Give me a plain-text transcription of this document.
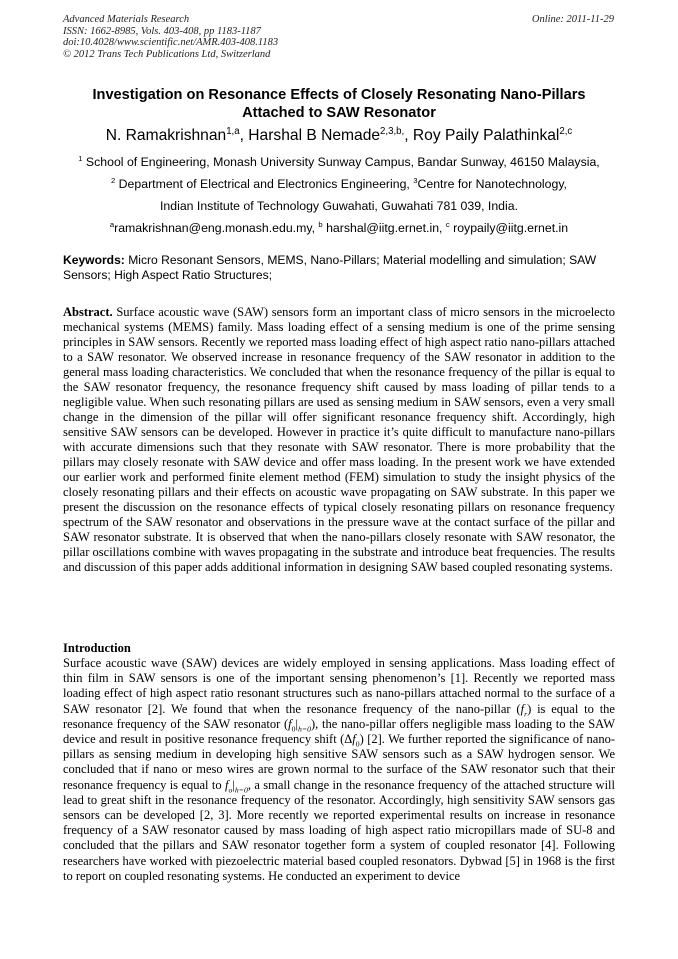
Advanced Materials Research
ISSN: 1662-8985, Vols. 403-408, pp 1183-1187
doi:10.4028/www.scientific.net/AMR.403-408.1183
© 2012 Trans Tech Publications Ltd, Switzerland
Online: 2011-11-29
Investigation on Resonance Effects of Closely Resonating Nano-Pillars
Attached to SAW Resonator
N. Ramakrishnan$^{1,a}$, Harshal B Nemade$^{2,3,b,}$, Roy Paily Palathinkal$^{2,c}$
$^1$ School of Engineering, Monash University Sunway Campus, Bandar Sunway, 46150 Malaysia,
$^2$ Department of Electrical and Electronics Engineering, $^3$Centre for Nanotechnology,
Indian Institute of Technology Guwahati, Guwahati 781 039, India.
$^a$ramakrishnan@eng.monash.edu.my, $^b$ harshal@iitg.ernet.in, $^c$ roypaily@iitg.ernet.in
Keywords: Micro Resonant Sensors, MEMS, Nano-Pillars; Material modelling and simulation; SAW Sensors; High Aspect Ratio Structures;

Abstract. Surface acoustic wave (SAW) sensors form an important class of micro sensors in the microelecto mechanical systems (MEMS) family. Mass loading effect of a sensing medium is one of the prime sensing principles in SAW sensors. Recently we reported mass loading effect of high aspect ratio nano-pillars attached to a SAW resonator. We observed increase in resonance frequency of the SAW resonator in addition to the general mass loading characteristics. We concluded that when the resonance frequency of the pillar is equal to the SAW resonator frequency, the resonance frequency shift caused by mass loading of pillar tends to a negligible value. When such resonating pillars are used as sensing medium in SAW sensors, even a very small change in the dimension of the pillar will offer significant resonance frequency shift. Accordingly, high sensitive SAW sensors can be developed. However in practice it’s quite difficult to manufacture nano-pillars with accurate dimensions such that they resonate with SAW resonator. There is more probability that the pillars may closely resonate with SAW device and offer mass loading. In the present work we have extended our earlier work and performed finite element method (FEM) simulation to study the insight physics of the closely resonating pillars and their effects on acoustic wave propagating on SAW substrate. In this paper we present the discussion on the resonance effects of typical closely resonating pillars on resonance frequency spectrum of the SAW resonator and observations in the pressure wave at the contact surface of the pillar and SAW resonator substrate. It is observed that when the nano-pillars closely resonate with SAW resonator, the pillar oscillations combine with waves propagating in the substrate and introduce beat frequencies. The results and discussion of this paper adds additional information in designing SAW based coupled resonating systems.

Introduction

Surface acoustic wave (SAW) devices are widely employed in sensing applications. Mass loading effect of thin film in SAW sensors is one of the important sensing phenomenon’s [1]. Recently we reported mass loading effect of high aspect ratio resonant structures such as nano-pillars attached normal to the surface of a SAW resonator [2]. We found that when the resonance frequency of the nano-pillar $(f_r)$ is equal to the resonance frequency of the SAW resonator $(f_0|_{h=0})$, the nano-pillar offers negligible mass loading to the SAW device and result in positive resonance frequency shift $(\Delta f_0)$ [2]. We further reported the significance of nano-pillars as sensing medium in developing high sensitive SAW sensors such as a SAW hydrogen sensor. We concluded that if nano or meso wires are grown normal to the surface of the SAW resonator such that their resonance frequency is equal to $f_o|_{h=0}$, a small change in the resonance frequency of the attached structure will lead to great shift in the resonance frequency of the resonator. Accordingly, high sensitivity SAW sensors gas sensors can be developed [2, 3]. More recently we reported experimental results on increase in resonance frequency of a SAW resonator caused by mass loading of high aspect ratio micropillars made of SU-8 and concluded that the pillars and SAW resonator together form a system of coupled resonator [4]. Following researchers have worked with piezoelectric material based coupled resonators. Dybwad [5] in 1968 is the first to report on coupled resonating systems. He conducted an experiment to device
